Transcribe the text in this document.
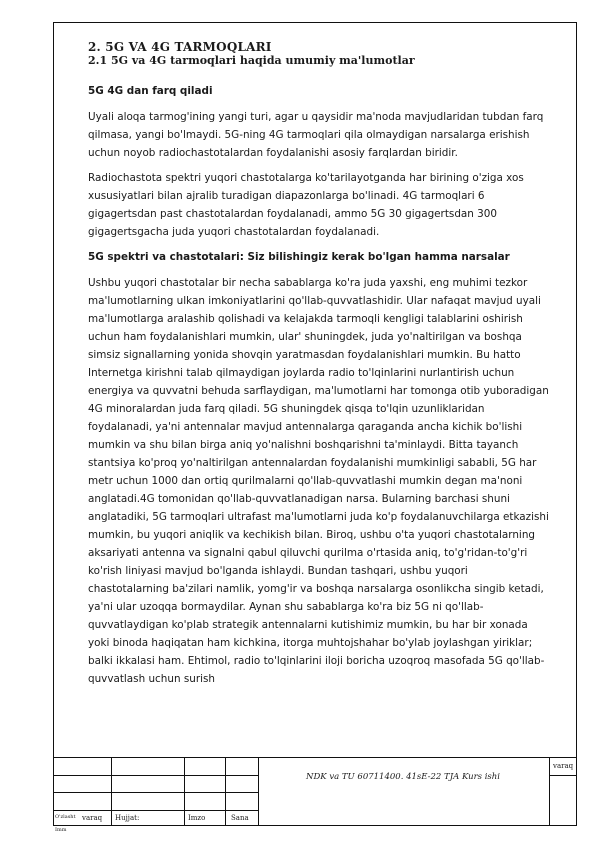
2. 5G VA 4G TARMOQLARI

2.1 5G va 4G tarmoqlari haqida umumiy ma'lumotlar

5G 4G dan farq qiladi

Uyali aloqa tarmog'ining yangi turi, agar u qaysidir ma'noda mavjudlaridan tubdan farq qilmasa, yangi bo'lmaydi. 5G-ning 4G tarmoqlari qila olmaydigan narsalarga erishish uchun noyob radiochastotalardan foydalanishi asosiy farqlardan biridir.

Radiochastota spektri yuqori chastotalarga ko'tarilayotganda har birining o'ziga xos xususiyatlari bilan ajralib turadigan diapazonlarga bo'linadi. 4G tarmoqlari 6 gigagertsdan past chastotalardan foydalanadi, ammo 5G 30 gigagertsdan 300 gigagertsgacha juda yuqori chastotalardan foydalanadi.

5G spektri va chastotalari: Siz bilishingiz kerak bo'lgan hamma narsalar

Ushbu yuqori chastotalar bir necha sabablarga ko'ra juda yaxshi, eng muhimi tezkor ma'lumotlarning ulkan imkoniyatlarini qo'llab-quvvatlashidir. Ular nafaqat mavjud uyali ma'lumotlarga aralashib qolishadi va kelajakda tarmoqli kengligi talablarini oshirish uchun ham foydalanishlari mumkin, ular' shuningdek, juda yo'naltirilgan va boshqa simsiz signallarning yonida shovqin yaratmasdan foydalanishlari mumkin. Bu hatto Internetga kirishni talab qilmaydigan joylarda radio to'lqinlarini nurlantirish uchun energiya va quvvatni behuda sarflaydigan, ma'lumotlarni har tomonga otib yuboradigan 4G minoralardan juda farq qiladi. 5G shuningdek qisqa to'lqin uzunliklaridan foydalanadi, ya'ni antennalar mavjud antennalarga qaraganda ancha kichik bo'lishi mumkin va shu bilan birga aniq yo'nalishni boshqarishni ta'minlaydi. Bitta tayanch stantsiya ko'proq yo'naltirilgan antennalardan foydalanishi mumkinligi sababli, 5G har metr uchun 1000 dan ortiq qurilmalarni qo'llab-quvvatlashi mumkin degan ma'noni anglatadi.4G tomonidan qo'llab-quvvatlanadigan narsa. Bularning barchasi shuni anglatadiki, 5G tarmoqlari ultrafast ma'lumotlarni juda ko'p foydalanuvchilarga etkazishi mumkin, bu yuqori aniqlik va kechikish bilan. Biroq, ushbu o'ta yuqori chastotalarning aksariyati antenna va signalni qabul qiluvchi qurilma o'rtasida aniq, to'g'ridan-to'g'ri ko'rish liniyasi mavjud bo'lganda ishlaydi. Bundan tashqari, ushbu yuqori chastotalarning ba'zilari namlik, yomg'ir va boshqa narsalarga osonlikcha singib ketadi, ya'ni ular uzoqqa bormaydilar. Aynan shu sabablarga ko'ra biz 5G ni qo'llab-quvvatlaydigan ko'plab strategik antennalarni kutishimiz mumkin, bu har bir xonada yoki binoda haqiqatan ham kichkina, itorga muhtojshahar bo'ylab joylashgan yiriklar; balki ikkalasi ham. Ehtimol, radio to'lqinlarini iloji boricha uzoqroq masofada 5G qo'llab-quvvatlash uchun surish

NDK va TU 60711400. 41sE-22 TJA Kurs ishi
varaq
O'zlasht varaq Hujjat:	Imzo	Sana
Imm
